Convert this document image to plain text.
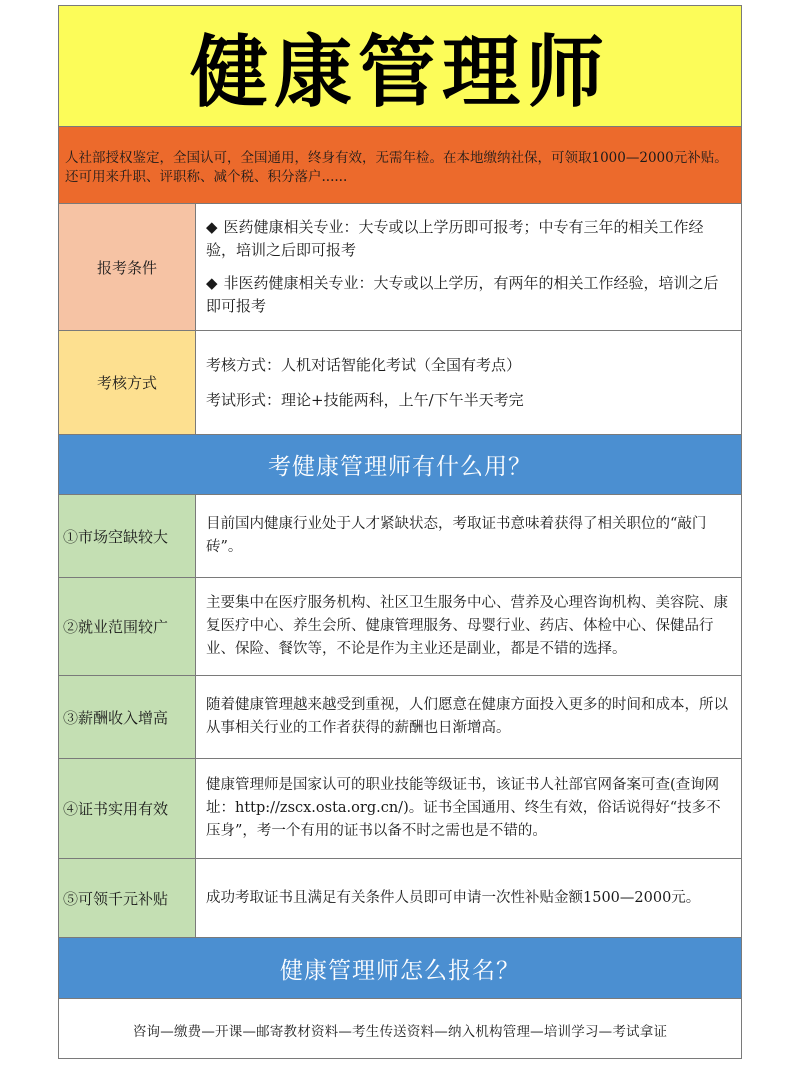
健康管理师
人社部授权鉴定，全国认可，全国通用，终身有效，无需年检。在本地缴纳社保，可领取1000—2000元补贴。还可用来升职、评职称、减个税、积分落户......
报考条件

◆ 医药健康相关专业：大专或以上学历即可报考；中专有三年的相关工作经验，培训之后即可报考

◆ 非医药健康相关专业：大专或以上学历，有两年的相关工作经验，培训之后即可报考

考核方式

考核方式：人机对话智能化考试（全国有考点）

考试形式：理论+技能两科，上午/下午半天考完

考健康管理师有什么用？
①市场空缺较大
目前国内健康行业处于人才紧缺状态，考取证书意味着获得了相关职位的“敲门砖”。
②就业范围较广
主要集中在医疗服务机构、社区卫生服务中心、营养及心理咨询机构、美容院、康复医疗中心、养生会所、健康管理服务、母婴行业、药店、体检中心、保健品行业、保险、餐饮等，不论是作为主业还是副业，都是不错的选择。
③薪酬收入增高
随着健康管理越来越受到重视，人们愿意在健康方面投入更多的时间和成本，所以从事相关行业的工作者获得的薪酬也日渐增高。
④证书实用有效
健康管理师是国家认可的职业技能等级证书，该证书人社部官网备案可查(查询网址：http://zscx.osta.org.cn/)。证书全国通用、终生有效，俗话说得好“技多不压身”，考一个有用的证书以备不时之需也是不错的。
⑤可领千元补贴	成功考取证书且满足有关条件人员即可申请一次性补贴金额1500—2000元。
健康管理师怎么报名？
咨询—缴费—开课—邮寄教材资料—考生传送资料—纳入机构管理—培训学习—考试拿证
